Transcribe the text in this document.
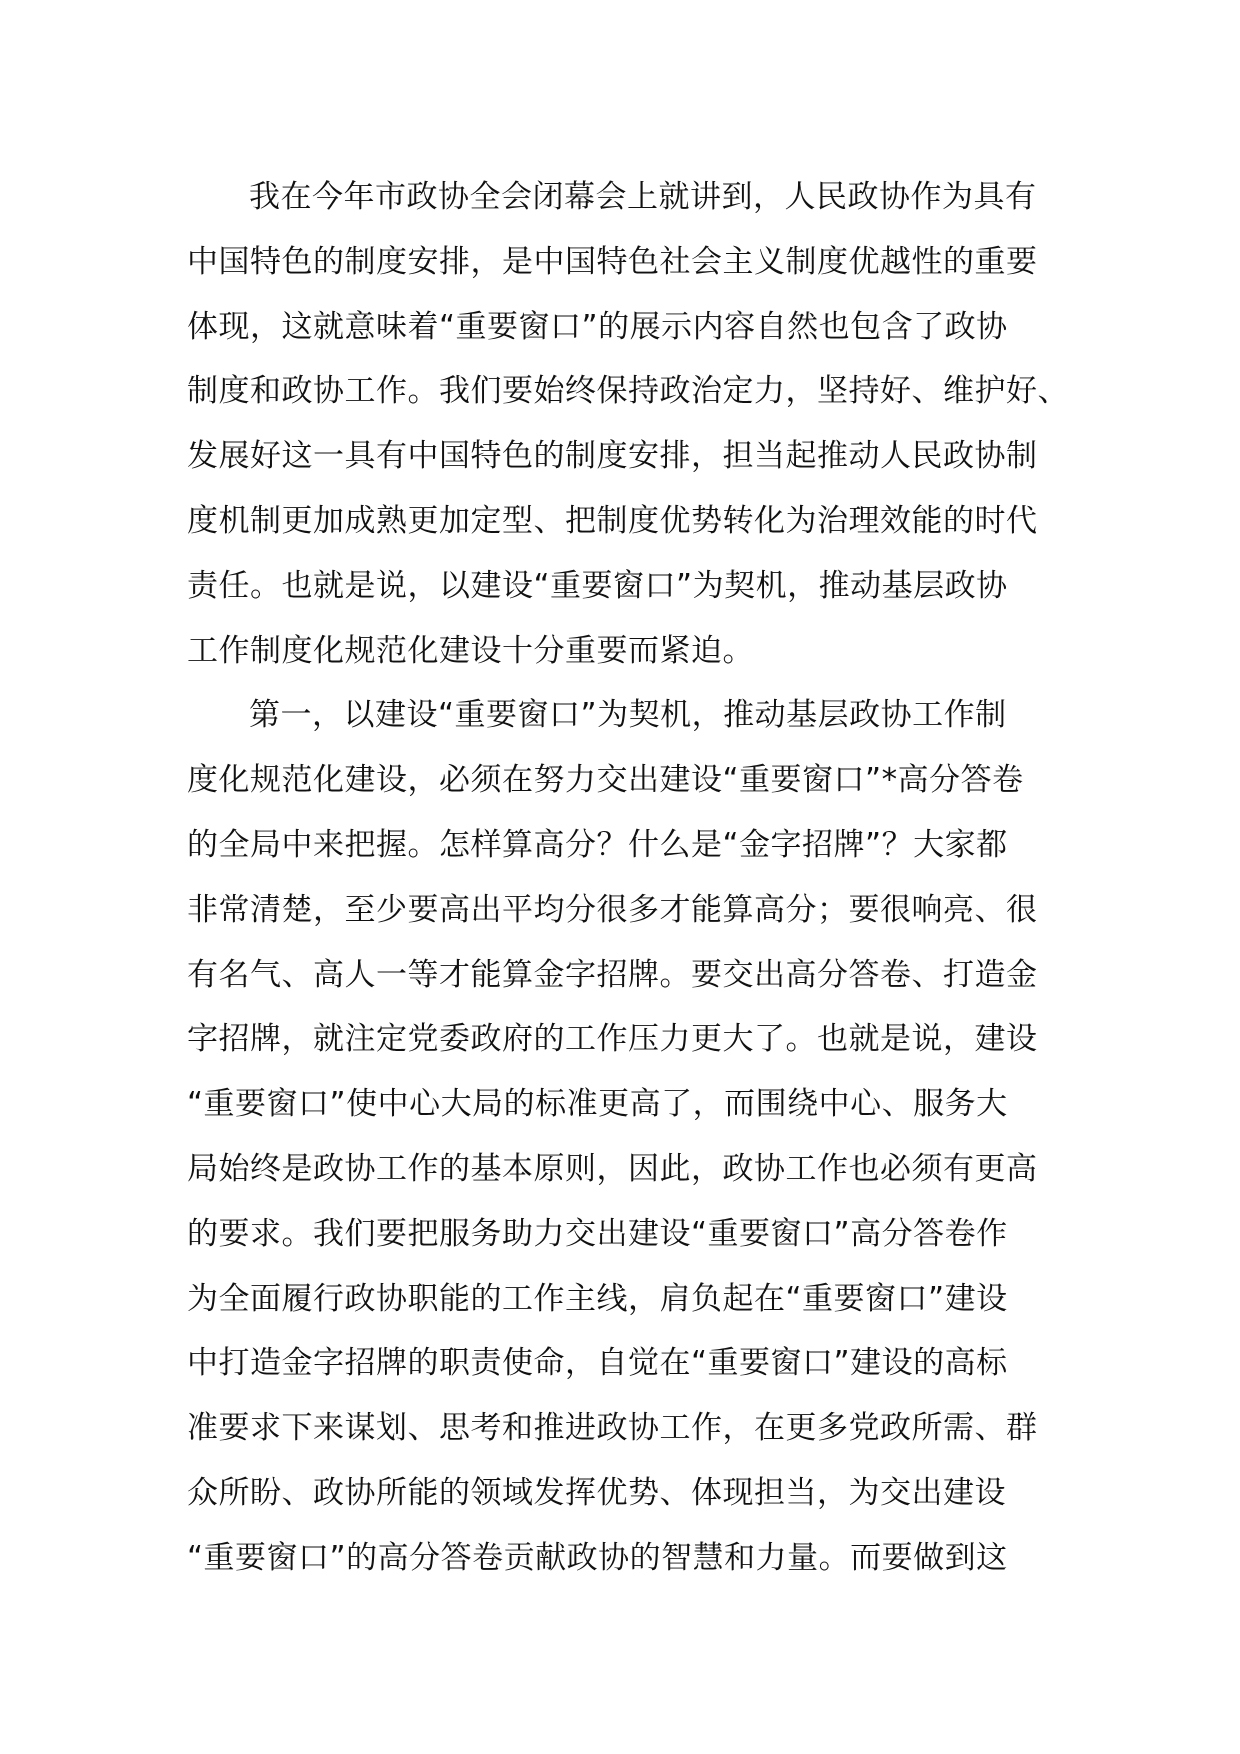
我在今年市政协全会闭幕会上就讲到，人民政协作为具有
中国特色的制度安排，是中国特色社会主义制度优越性的重要
体现，这就意味着“重要窗口”的展示内容自然也包含了政协
制度和政协工作。我们要始终保持政治定力，坚持好、维护好、
发展好这一具有中国特色的制度安排，担当起推动人民政协制
度机制更加成熟更加定型、把制度优势转化为治理效能的时代
责任。也就是说，以建设“重要窗口”为契机，推动基层政协
工作制度化规范化建设十分重要而紧迫。
第一，以建设“重要窗口”为契机，推动基层政协工作制
度化规范化建设，必须在努力交出建设“重要窗口”*高分答卷
的全局中来把握。怎样算高分？什么是“金字招牌”？大家都
非常清楚，至少要高出平均分很多才能算高分；要很响亮、很
有名气、高人一等才能算金字招牌。要交出高分答卷、打造金
字招牌，就注定党委政府的工作压力更大了。也就是说，建设
“重要窗口”使中心大局的标准更高了，而围绕中心、服务大
局始终是政协工作的基本原则，因此，政协工作也必须有更高
的要求。我们要把服务助力交出建设“重要窗口”高分答卷作
为全面履行政协职能的工作主线，肩负起在“重要窗口”建设
中打造金字招牌的职责使命，自觉在“重要窗口”建设的高标
准要求下来谋划、思考和推进政协工作，在更多党政所需、群
众所盼、政协所能的领域发挥优势、体现担当，为交出建设
“重要窗口”的高分答卷贡献政协的智慧和力量。而要做到这
